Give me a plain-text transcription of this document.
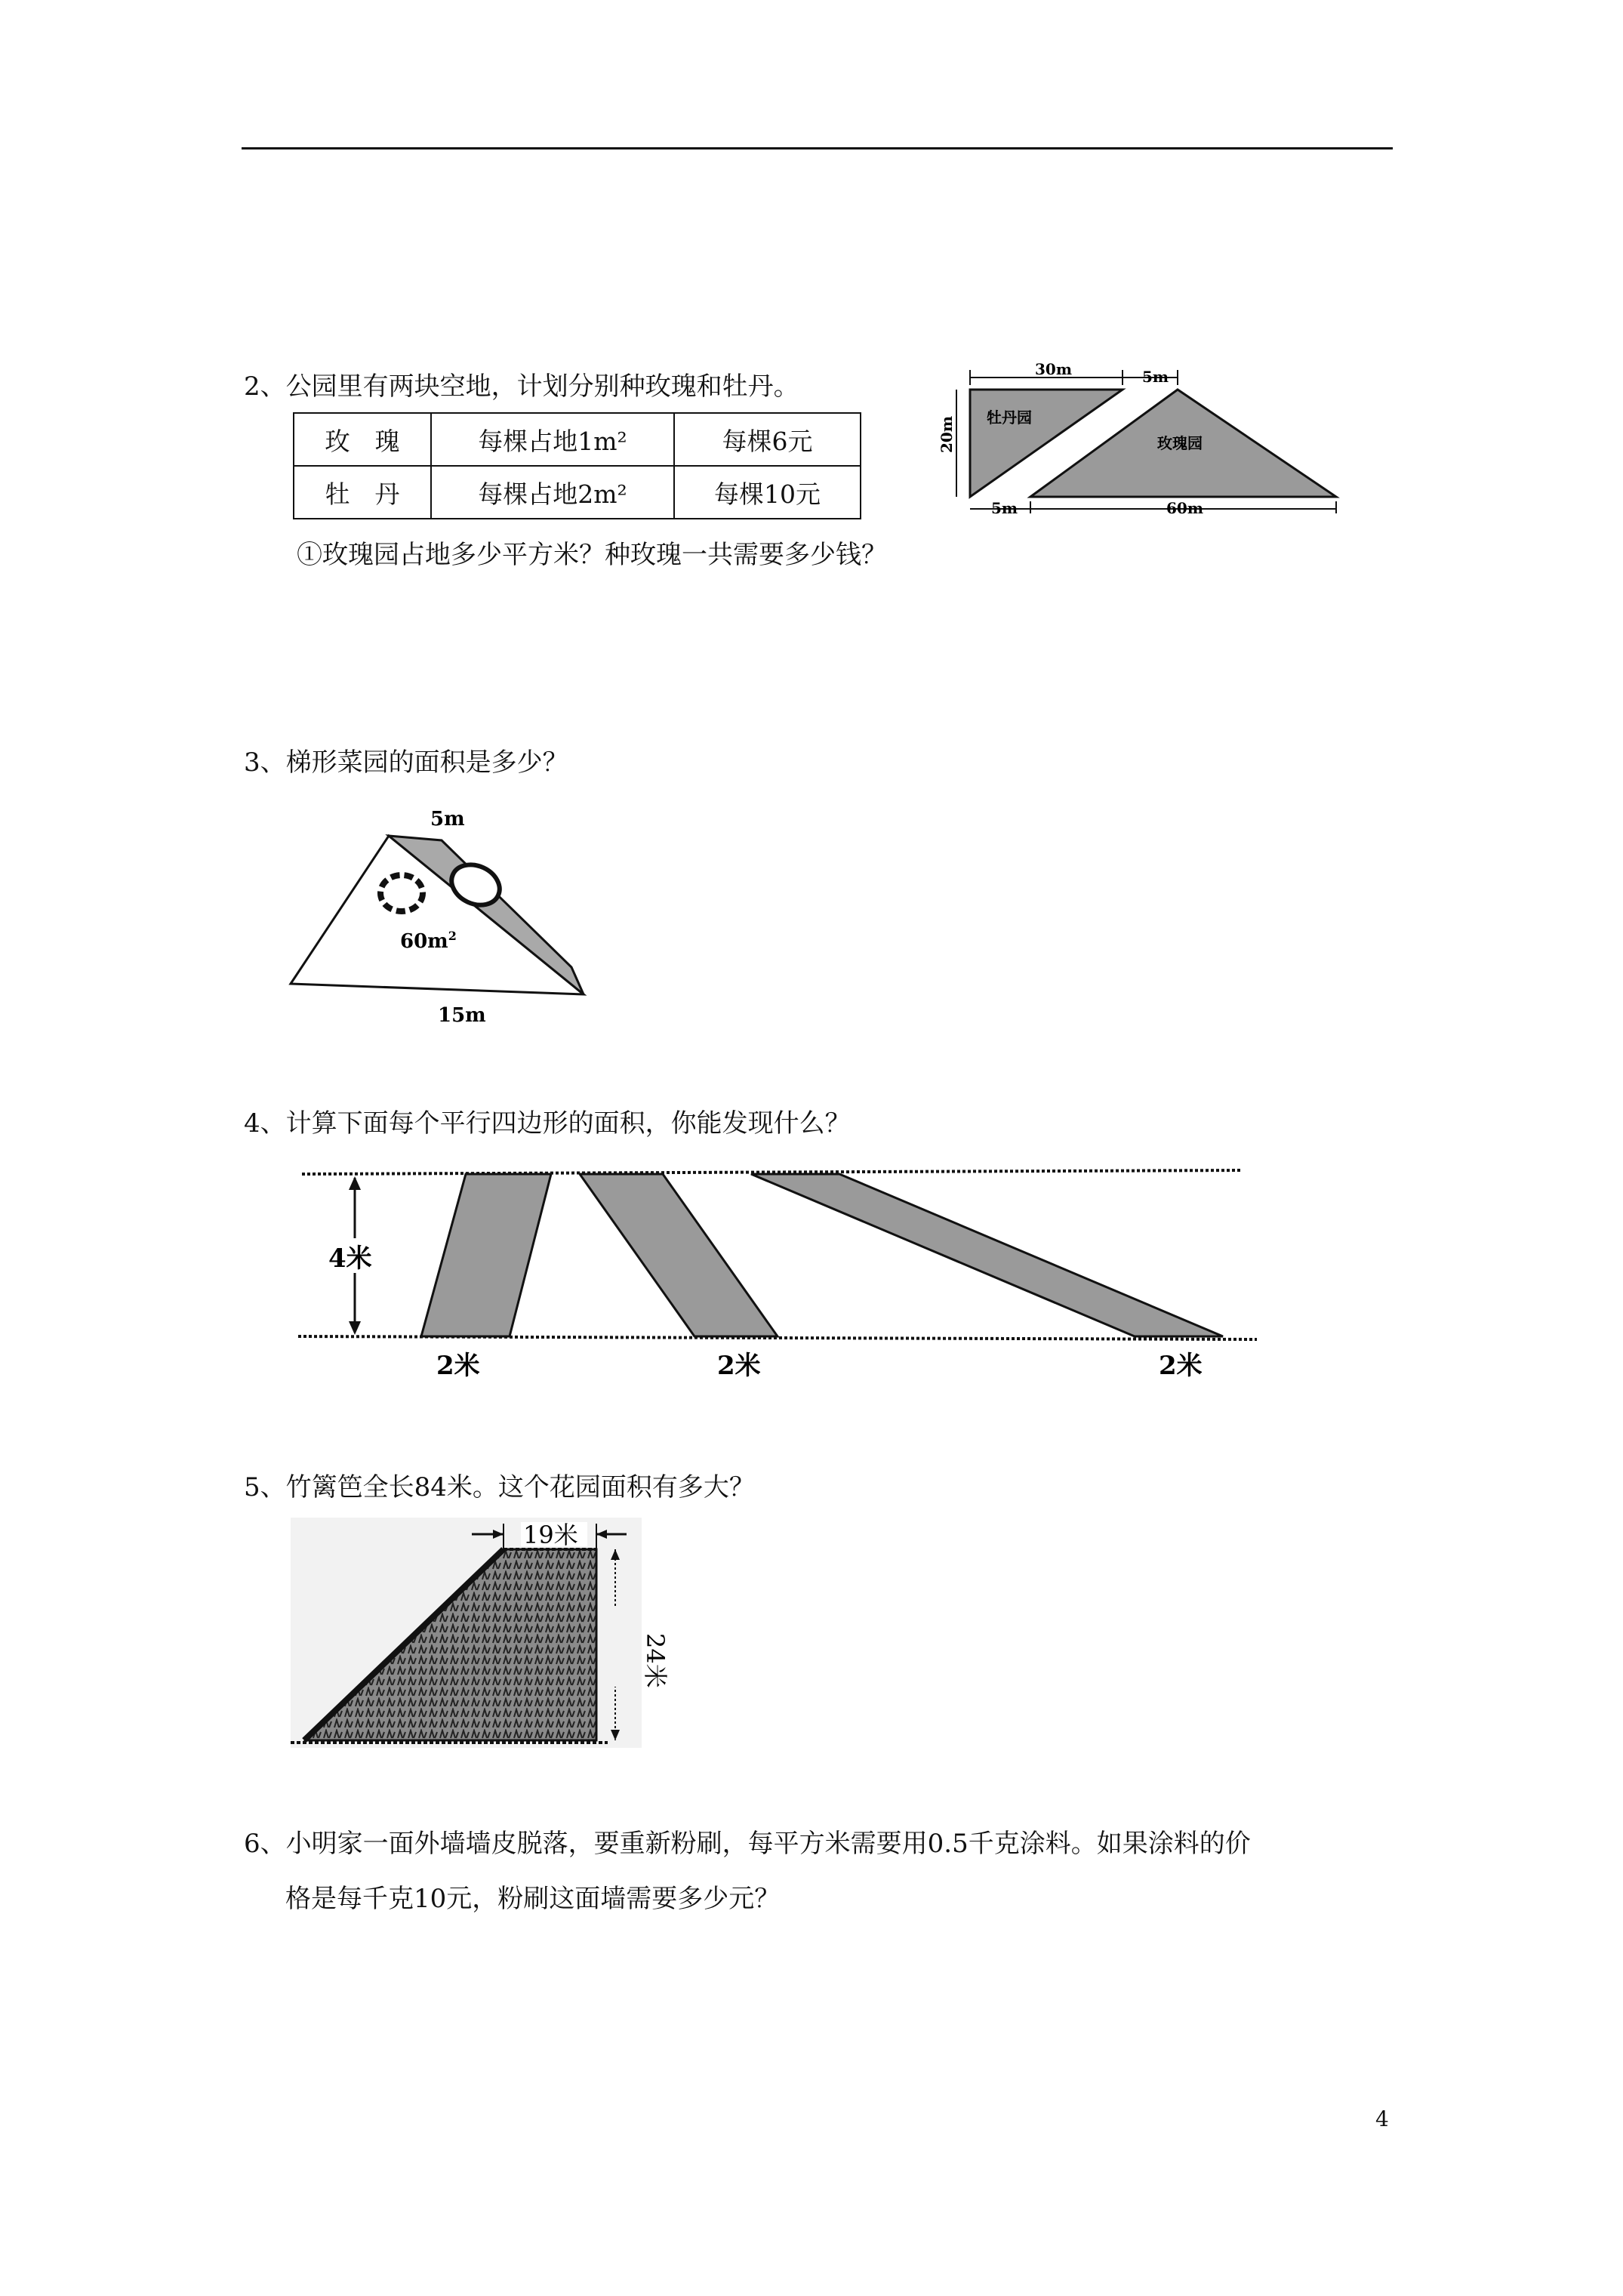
2、公园里有两块空地，计划分别种玫瑰和牡丹。
玫　瑰	每棵占地1m²	每棵6元
牡　丹	每棵占地2m²	每棵10元
①玫瑰园占地多少平方米？种玫瑰一共需要多少钱？
30m	5m
20m
5m	60m
牡丹园
玫瑰园
3、梯形菜园的面积是多少？
5m
$60m^2$
15m
4、计算下面每个平行四边形的面积，你能发现什么？
4米
2米	2米	2米
5、竹篱笆全长84米。这个花园面积有多大？
19米
24米
6、小明家一面外墙墙皮脱落，要重新粉刷，每平方米需要用0.5千克涂料。如果涂料的价
格是每千克10元，粉刷这面墙需要多少元？
4
